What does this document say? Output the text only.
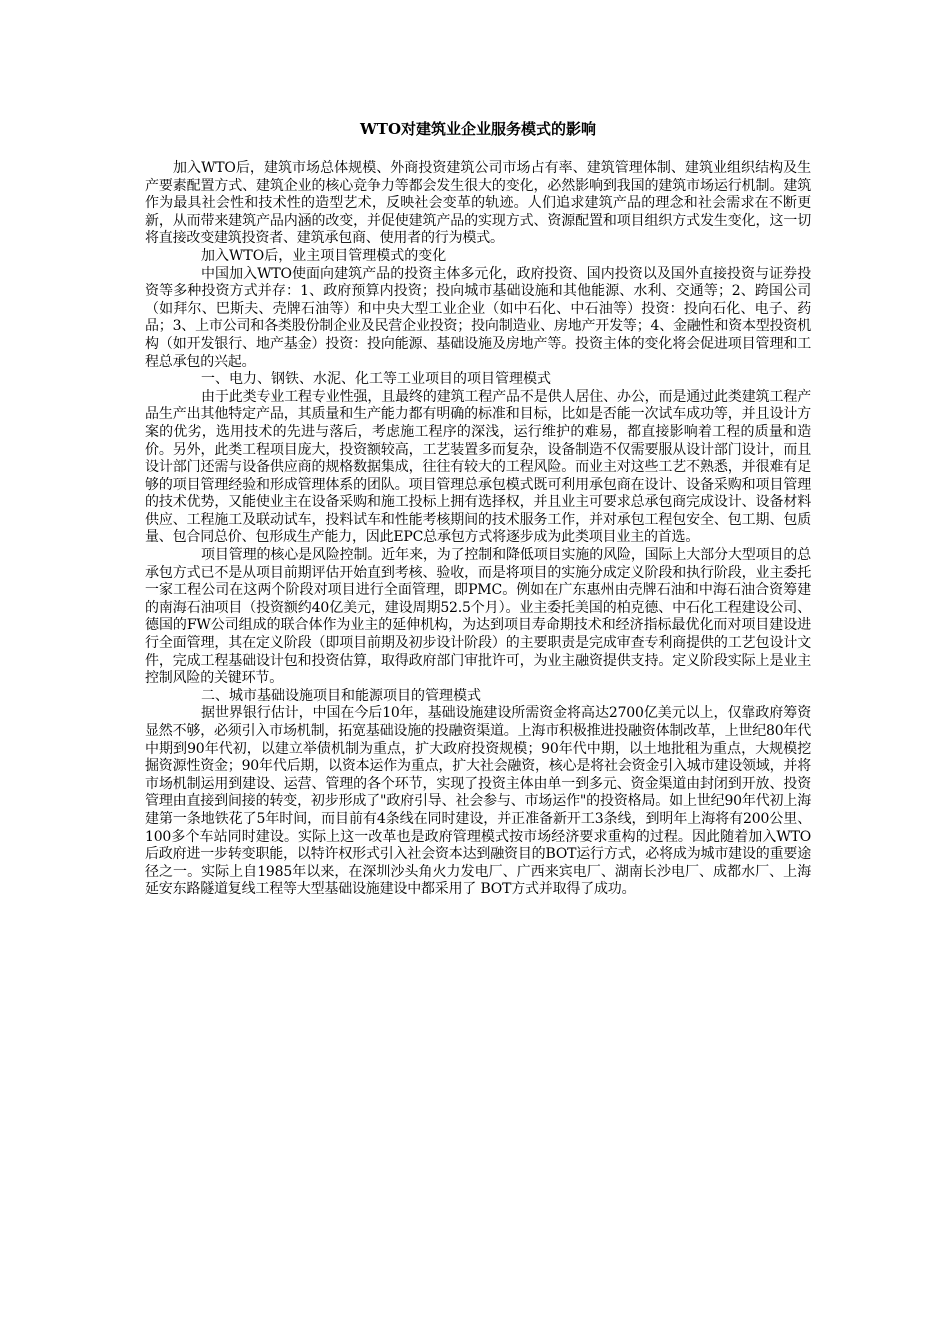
WTO对建筑业企业服务模式的影响

加入WTO后，建筑市场总体规模、外商投资建筑公司市场占有率、建筑管理体制、建筑业组织结构及生产要素配置方式、建筑企业的核心竞争力等都会发生很大的变化，必然影响到我国的建筑市场运行机制。建筑作为最具社会性和技术性的造型艺术，反映社会变革的轨迹。人们追求建筑产品的理念和社会需求在不断更新，从而带来建筑产品内涵的改变，并促使建筑产品的实现方式、资源配置和项目组织方式发生变化，这一切将直接改变建筑投资者、建筑承包商、使用者的行为模式。

加入WTO后，业主项目管理模式的变化

中国加入WTO使面向建筑产品的投资主体多元化，政府投资、国内投资以及国外直接投资与证券投资等多种投资方式并存：1、政府预算内投资；投向城市基础设施和其他能源、水利、交通等；2、跨国公司（如拜尔、巴斯夫、壳牌石油等）和中央大型工业企业（如中石化、中石油等）投资：投向石化、电子、药品；3、上市公司和各类股份制企业及民营企业投资；投向制造业、房地产开发等；4、金融性和资本型投资机构（如开发银行、地产基金）投资：投向能源、基础设施及房地产等。投资主体的变化将会促进项目管理和工程总承包的兴起。

一、电力、钢铁、水泥、化工等工业项目的项目管理模式

由于此类专业工程专业性强，且最终的建筑工程产品不是供人居住、办公，而是通过此类建筑工程产品生产出其他特定产品，其质量和生产能力都有明确的标准和目标，比如是否能一次试车成功等，并且设计方案的优劣，选用技术的先进与落后，考虑施工程序的深浅，运行维护的难易，都直接影响着工程的质量和造价。另外，此类工程项目庞大，投资额较高，工艺装置多而复杂，设备制造不仅需要服从设计部门设计，而且设计部门还需与设备供应商的规格数据集成，往往有较大的工程风险。而业主对这些工艺不熟悉，并很难有足够的项目管理经验和形成管理体系的团队。项目管理总承包模式既可利用承包商在设计、设备采购和项目管理的技术优势，又能使业主在设备采购和施工投标上拥有选择权，并且业主可要求总承包商完成设计、设备材料供应、工程施工及联动试车，投料试车和性能考核期间的技术服务工作，并对承包工程包安全、包工期、包质量、包合同总价、包形成生产能力，因此EPC总承包方式将逐步成为此类项目业主的首选。

项目管理的核心是风险控制。近年来，为了控制和降低项目实施的风险，国际上大部分大型项目的总承包方式已不是从项目前期评估开始直到考核、验收，而是将项目的实施分成定义阶段和执行阶段，业主委托一家工程公司在这两个阶段对项目进行全面管理，即PMC。例如在广东惠州由壳牌石油和中海石油合资筹建的南海石油项目（投资额约40亿美元，建设周期52.5个月）。业主委托美国的柏克德、中石化工程建设公司、德国的FW公司组成的联合体作为业主的延伸机构，为达到项目寿命期技术和经济指标最优化而对项目建设进行全面管理，其在定义阶段（即项目前期及初步设计阶段）的主要职责是完成审查专利商提供的工艺包设计文件，完成工程基础设计包和投资估算，取得政府部门审批许可，为业主融资提供支持。定义阶段实际上是业主控制风险的关键环节。

二、城市基础设施项目和能源项目的管理模式

据世界银行估计，中国在今后10年，基础设施建设所需资金将高达2700亿美元以上，仅靠政府筹资显然不够，必须引入市场机制，拓宽基础设施的投融资渠道。上海市积极推进投融资体制改革，上世纪80年代中期到90年代初，以建立举债机制为重点，扩大政府投资规模；90年代中期，以土地批租为重点，大规模挖掘资源性资金；90年代后期，以资本运作为重点，扩大社会融资，核心是将社会资金引入城市建设领域，并将市场机制运用到建设、运营、管理的各个环节，实现了投资主体由单一到多元、资金渠道由封闭到开放、投资管理由直接到间接的转变，初步形成了"政府引导、社会参与、市场运作"的投资格局。如上世纪90年代初上海建第一条地铁花了5年时间，而目前有4条线在同时建设，并正准备新开工3条线，到明年上海将有200公里、100多个车站同时建设。实际上这一改革也是政府管理模式按市场经济要求重构的过程。因此随着加入WTO后政府进一步转变职能，以特许权形式引入社会资本达到融资目的BOT运行方式，必将成为城市建设的重要途径之一。实际上自1985年以来，在深圳沙头角火力发电厂、广西来宾电厂、湖南长沙电厂、成都水厂、上海延安东路隧道复线工程等大型基础设施建设中都采用了 BOT方式并取得了成功。
